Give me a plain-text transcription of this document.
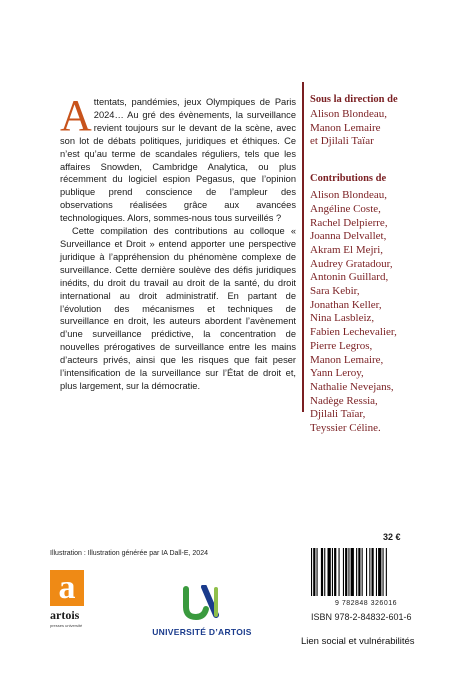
A ttentats, pandémies, jeux Olympiques de Paris 2024… Au gré des évènements, la surveillance revient toujours sur le devant de la scène, avec son lot de débats politiques, juridiques et éthiques. Ce n’est qu’au terme de scandales réguliers, tels que les affaires Snowden, Cambridge Analytica, ou plus récemment du logiciel espion Pegasus, que l’opinion publique prend conscience de l’ampleur des observations réalisées grâce aux avancées technologiques. Alors, sommes-nous tous surveillés ?

Cette compilation des contributions au colloque « Surveillance et Droit » entend apporter une perspective juridique à l’appréhension du phénomène complexe de surveillance. Cette dernière soulève des défis juridiques inédits, du droit du travail au droit de la santé, du droit international au droit administratif. En partant de l’évolution des mécanismes et techniques de surveillance en droit, les auteurs abordent l’avènement d’une surveillance prédictive, la concentration de nouvelles prérogatives de surveillance entre les mains d’acteurs privés, ainsi que les risques que fait peser l’intensification de la surveillance sur l’État de droit et, plus largement, sur la démocratie.

Sous la direction de
Alison Blondeau,
Manon Lemaire
et Djilali Taïar
Contributions de
Alison Blondeau,
Angéline Coste,
Rachel Delpierre,
Joanna Delvallet,
Akram El Mejri,
Audrey Gratadour,
Antonin Guillard,
Sara Kebir,
Jonathan Keller,
Nina Lasbleiz,
Fabien Lechevalier,
Pierre Legros,
Manon Lemaire,
Yann Leroy,
Nathalie Nevejans,
Nadège Ressia,
Djilali Taïar,
Teyssier Céline.
Illustration : Illustration générée par IA Dall-E, 2024
32 €
9 782848 326016
ISBN 978-2-84832-601-6
Lien social et vulnérabilités
a
artois
presses université
UNIVERSITÉ D’ARTOIS
